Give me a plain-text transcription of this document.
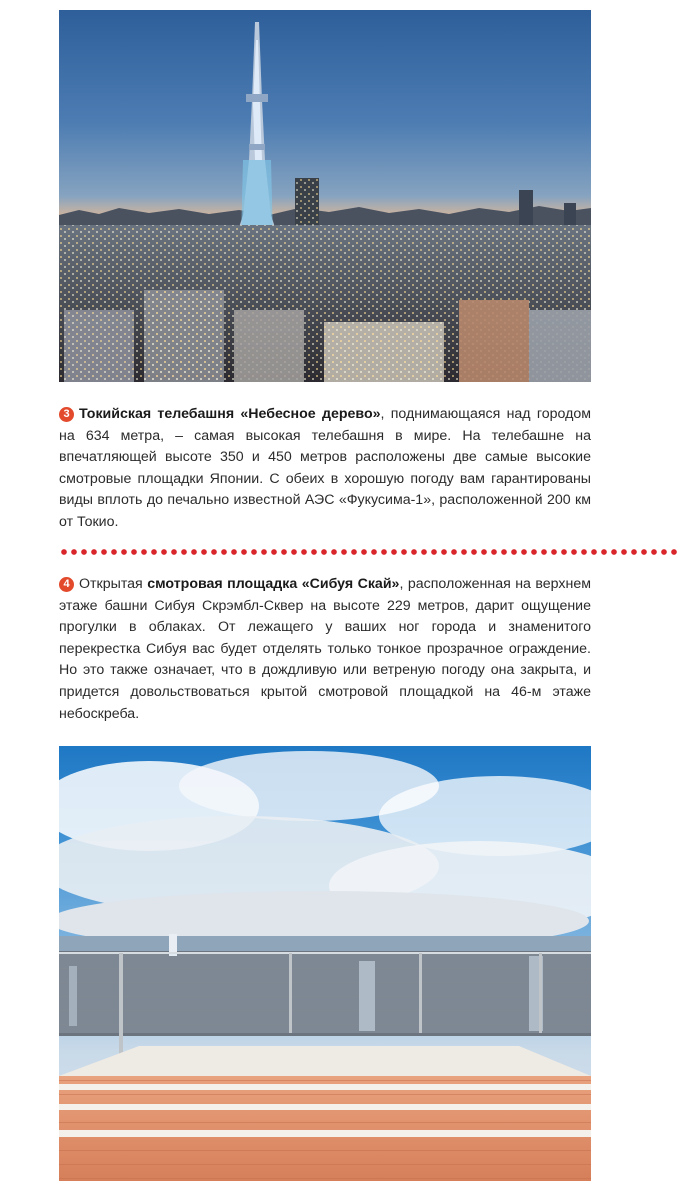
3 Токийская телебашня «Небесное дерево», поднимающаяся над городом на 634 метра, – самая высокая телебашня в мире. На телебашне на впечатляющей высоте 350 и 450 метров расположены две самые высокие смотровые площадки Японии. С обеих в хорошую погоду вам гарантированы виды вплоть до печально известной АЭС «Фукусима-1», расположенной 200 км от Токио.
4 Открытая смотровая площадка «Сибуя Скай», расположенная на верхнем этаже башни Сибуя Скрэмбл-Сквер на высоте 229 метров, дарит ощущение прогулки в облаках. От лежащего у ваших ног города и знаменитого перекрестка Сибуя вас будет отделять только тонкое прозрачное ограждение. Но это также означает, что в дождливую или ветреную погоду она закрыта, и придется довольствоваться крытой смотровой площадкой на 46-м этаже небоскреба.
